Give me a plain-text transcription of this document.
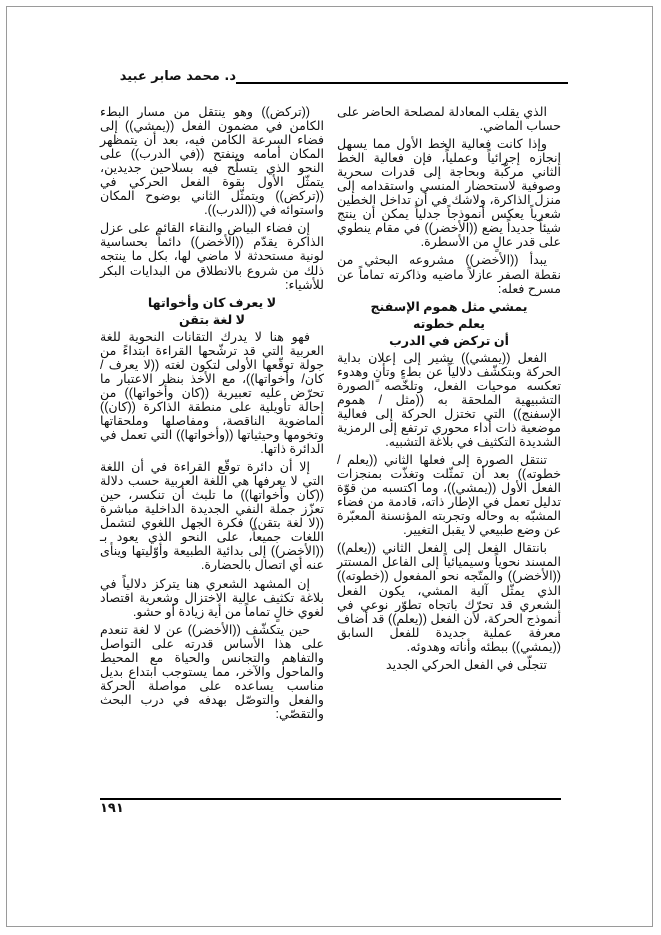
د. محمد صابر عبيد

الذي يقلب المعادلة لمصلحة الحاضر على حساب الماضي.

وإذا كانت فعالية الخط الأول مما يسهل إنجازه إجرائياً وعملياً، فإن فعالية الخط الثاني مركّبة وبحاجة إلى قدرات سحرية وصوفية لاستحضار المنسي واستقدامه إلى منزل الذاكرة، ولاشك في أن تداخل الخطين شعرياً يعكس أنموذجاً جدلياً يمكن أن ينتج شيئاً جديداً يضع ((الأخضر)) في مقام ينطوي على قدر عالٍ من الأسطرة.

يبدأ ((الأخضر)) مشروعه البحثي من نقطة الصفر عازلاً ماضيه وذاكرته تماماً عن مسرح فعله:

يمشي مثل هموم الإسفنج
يعلم خطوته
أن تركض في الدرب

الفعل ((يمشي)) يشير إلى إعلان بداية الحركة وبتكشّف دلالياً عن بطءٍ وتأنٍ وهدوء تعكسه موحيات الفعل، وتلخّصه الصورة التشبيهية الملحقة به ((مثل / هموم الإسفنج)) التي تختزل الحركة إلى فعالية موضعية ذات أداء محوري ترتفع إلى الرمزية الشديدة التكثيف في بلاغة التشبيه.

تنتقل الصورة إلى فعلها الثاني ((يعلم /خطوته)) بعد أن تمثّلت وتغذّت بمنجزات الفعل الأول ((يمشي))، وما اكتسبه من قوّة تدليل تعمل في الإطار ذاته، قادمة من فضاء المشبّه به وحاله وتجربته المؤنسنة المعبّرة عن وضع طبيعي لا يقبل التغيير.

بانتقال الفعل إلى الفعل الثاني ((يعلم)) المسند نحوياً وسيميائياً إلى الفاعل المستتر ((الأخضر)) والمتّجه نحو المفعول ((خطوته)) الذي يمثّل آلية المشي، يكون الفعل الشعري قد تحرّك باتجاه تطوّر نوعي في أنموذج الحركة، لأن الفعل ((يعلم)) قد أضاف معرفة عملية جديدة للفعل السابق ((يمشي)) ببطئه وأناته وهدوئه.

تتجلّى في الفعل الحركي الجديد

((تركض)) وهو ينتقل من مسار البطء الكامن في مضمون الفعل ((يمشي)) إلى فضاء السرعة الكامن فيه، بعد أن يتمظهر المكان أمامه وينفتح ((في الدرب)) على النحو الذي يتسلّح فيه بسلاحين جديدين، يتمثّل الأول بقوة الفعل الحركي في ((تركض)) ويتمثّل الثاني بوضوح المكان واستوائه في ((الدرب)).

إن فضاء البياض والنقاء القائم على عزل الذاكرة يقدّم ((الأخضر)) دائماً بحساسية لونية مستحدثة لا ماضي لها، بكل ما ينتجه ذلك من شروع بالانطلاق من البدايات البكر للأشياء:

لا يعرف كان وأخواتها
لا لغة بتقن

فهو هنا لا يدرك التقانات النحوية للغة العربية التي قد ترشّحها القراءة ابتداءً من جولة توقّعها الأولى لتكون لغته ((لا يعرف / كان/ وأخواتها))، مع الأخذ بنظر الاعتبار ما تحرّض عليه تعبيرية ((كان وأخواتها)) من إحالة تأويلية على منطقة الذاكرة ((كان)) الماضوية الناقصة، ومفاصلها وملحقاتها وتخومها وحيثياتها ((وأخواتها)) التي تعمل في الدائرة ذاتها.

إلا أن دائرة توقّع القراءة في أن اللغة التي لا يعرفها هي اللغة العربية حسب دلالة ((كان وأخواتها)) ما تلبث أن تنكسر، حين تعزّز جملة النفي الجديدة الداخلية مباشرة ((لا لغة بتقن)) فكرة الجهل اللغوي لتشمل اللغات جميعاً، على النحو الذي يعود بـ ((الأخضر)) إلى بدائية الطبيعة وأوّليتها وينأى عنه أي اتصال بالحضارة.

إن المشهد الشعري هنا يتركز دلالياً في بلاغة تكثيف عالية الاختزال وشعرية اقتصاد لغوي خالٍ تماماً من أية زيادة أو حشو.

حين يتكشّف ((الأخضر)) عن لا لغة تنعدم على هذا الأساس قدرته على التواصل والتفاهم والتجانس والحياة مع المحيط والماحول والآخر، مما يستوجب ابتداع بديل مناسب يساعده على مواصلة الحركة والفعل والتوصّل بهدفه في درب البحث والتقصّي:

١٩١
